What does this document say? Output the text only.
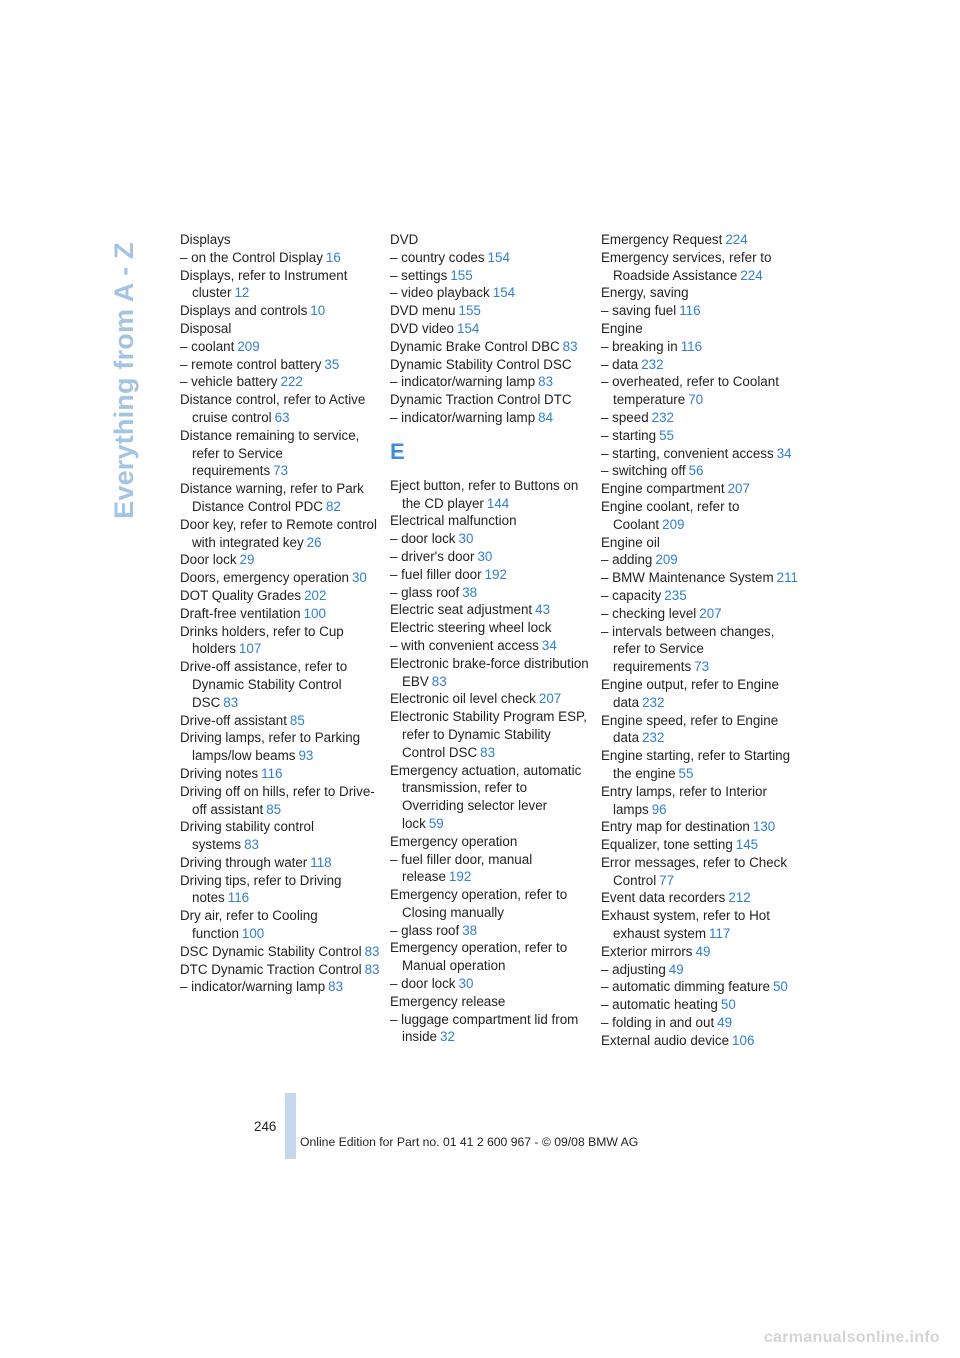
Everything from A - Z
Displays
– on the Control Display 16
Displays, refer to Instrument cluster 12
Displays and controls 10
Disposal
– coolant 209
– remote control battery 35
– vehicle battery 222
Distance control, refer to Active cruise control 63
Distance remaining to service, refer to Service requirements 73
Distance warning, refer to Park Distance Control PDC 82
Door key, refer to Remote control with integrated key 26
Door lock 29
Doors, emergency operation 30
DOT Quality Grades 202
Draft-free ventilation 100
Drinks holders, refer to Cup holders 107
Drive-off assistance, refer to Dynamic Stability Control DSC 83
Drive-off assistant 85
Driving lamps, refer to Parking lamps/low beams 93
Driving notes 116
Driving off on hills, refer to Drive-off assistant 85
Driving stability control systems 83
Driving through water 118
Driving tips, refer to Driving notes 116
Dry air, refer to Cooling function 100
DSC Dynamic Stability Control 83
DTC Dynamic Traction Control 83
– indicator/warning lamp 83
DVD
– country codes 154
– settings 155
– video playback 154
DVD menu 155
DVD video 154
Dynamic Brake Control DBC 83
Dynamic Stability Control DSC
– indicator/warning lamp 83
Dynamic Traction Control DTC
– indicator/warning lamp 84
E
Eject button, refer to Buttons on the CD player 144
Electrical malfunction
– door lock 30
– driver's door 30
– fuel filler door 192
– glass roof 38
Electric seat adjustment 43
Electric steering wheel lock
– with convenient access 34
Electronic brake-force distribution EBV 83
Electronic oil level check 207
Electronic Stability Program ESP, refer to Dynamic Stability Control DSC 83
Emergency actuation, automatic transmission, refer to Overriding selector lever lock 59
Emergency operation
– fuel filler door, manual release 192
Emergency operation, refer to Closing manually
– glass roof 38
Emergency operation, refer to Manual operation
– door lock 30
Emergency release
– luggage compartment lid from inside 32
Emergency Request 224
Emergency services, refer to Roadside Assistance 224
Energy, saving
– saving fuel 116
Engine
– breaking in 116
– data 232
– overheated, refer to Coolant temperature 70
– speed 232
– starting 55
– starting, convenient access 34
– switching off 56
Engine compartment 207
Engine coolant, refer to Coolant 209
Engine oil
– adding 209
– BMW Maintenance System 211
– capacity 235
– checking level 207
– intervals between changes, refer to Service requirements 73
Engine output, refer to Engine data 232
Engine speed, refer to Engine data 232
Engine starting, refer to Starting the engine 55
Entry lamps, refer to Interior lamps 96
Entry map for destination 130
Equalizer, tone setting 145
Error messages, refer to Check Control 77
Event data recorders 212
Exhaust system, refer to Hot exhaust system 117
Exterior mirrors 49
– adjusting 49
– automatic dimming feature 50
– automatic heating 50
– folding in and out 49
External audio device 106
246
Online Edition for Part no. 01 41 2 600 967 - © 09/08 BMW AG
carmanualsonline.info
